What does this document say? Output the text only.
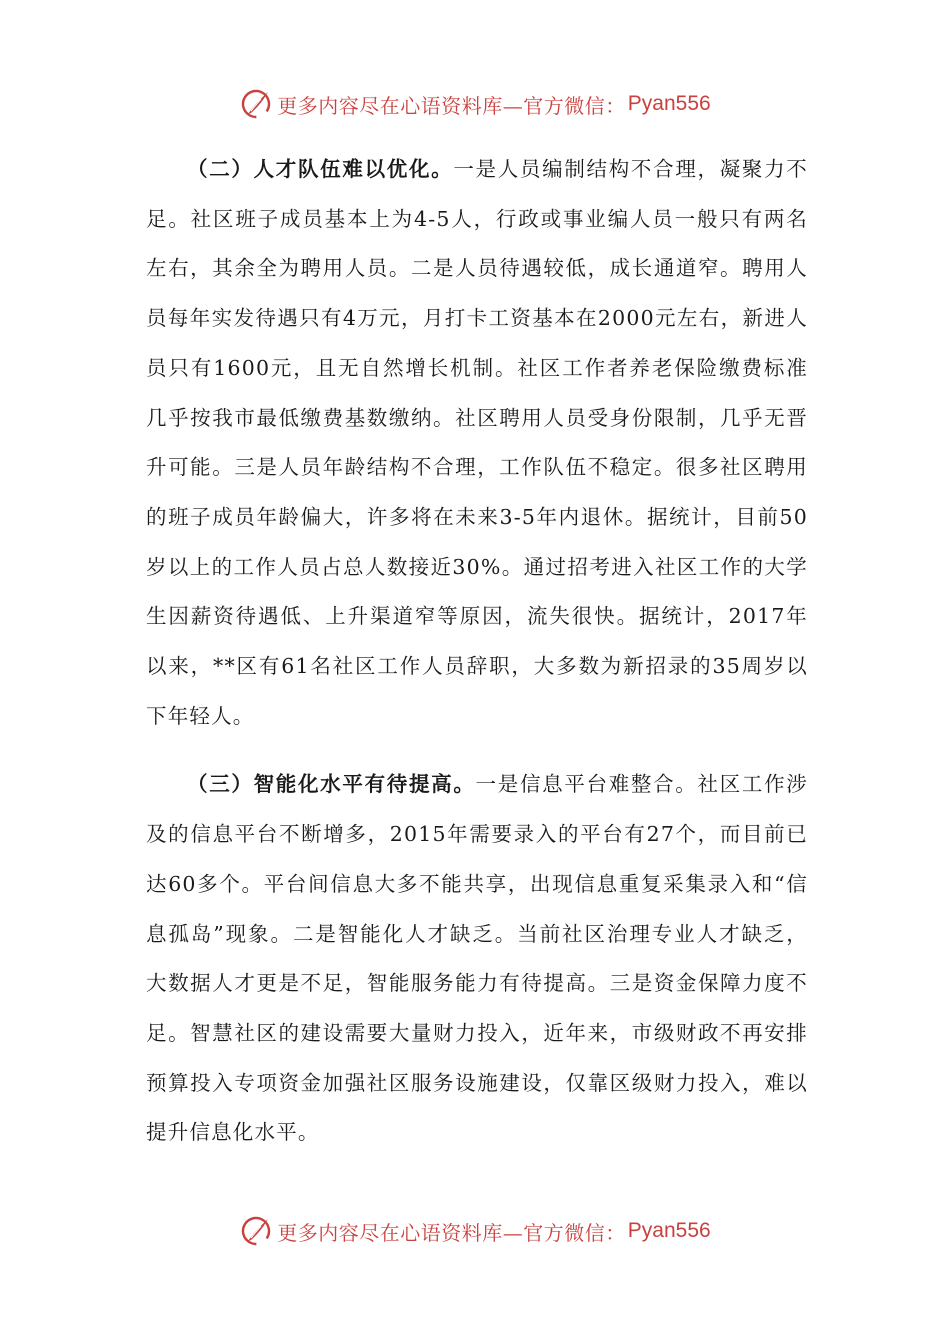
更多内容尽在心语资料库—官方微信： Pyan556

（二）人才队伍难以优化。一是人员编制结构不合理，凝聚力不足。社区班子成员基本上为4-5人，行政或事业编人员一般只有两名左右，其余全为聘用人员。二是人员待遇较低，成长通道窄。聘用人员每年实发待遇只有4万元，月打卡工资基本在2000元左右，新进人员只有1600元，且无自然增长机制。社区工作者养老保险缴费标准几乎按我市最低缴费基数缴纳。社区聘用人员受身份限制，几乎无晋升可能。三是人员年龄结构不合理，工作队伍不稳定。很多社区聘用的班子成员年龄偏大，许多将在未来3-5年内退休。据统计，目前50岁以上的工作人员占总人数接近30%。通过招考进入社区工作的大学生因薪资待遇低、上升渠道窄等原因，流失很快。据统计，2017年以来，**区有61名社区工作人员辞职，大多数为新招录的35周岁以下年轻人。

（三）智能化水平有待提高。一是信息平台难整合。社区工作涉及的信息平台不断增多，2015年需要录入的平台有27个，而目前已达60多个。平台间信息大多不能共享，出现信息重复采集录入和“信息孤岛”现象。二是智能化人才缺乏。当前社区治理专业人才缺乏，大数据人才更是不足，智能服务能力有待提高。三是资金保障力度不足。智慧社区的建设需要大量财力投入，近年来，市级财政不再安排预算投入专项资金加强社区服务设施建设，仅靠区级财力投入，难以提升信息化水平。

更多内容尽在心语资料库—官方微信： Pyan556
